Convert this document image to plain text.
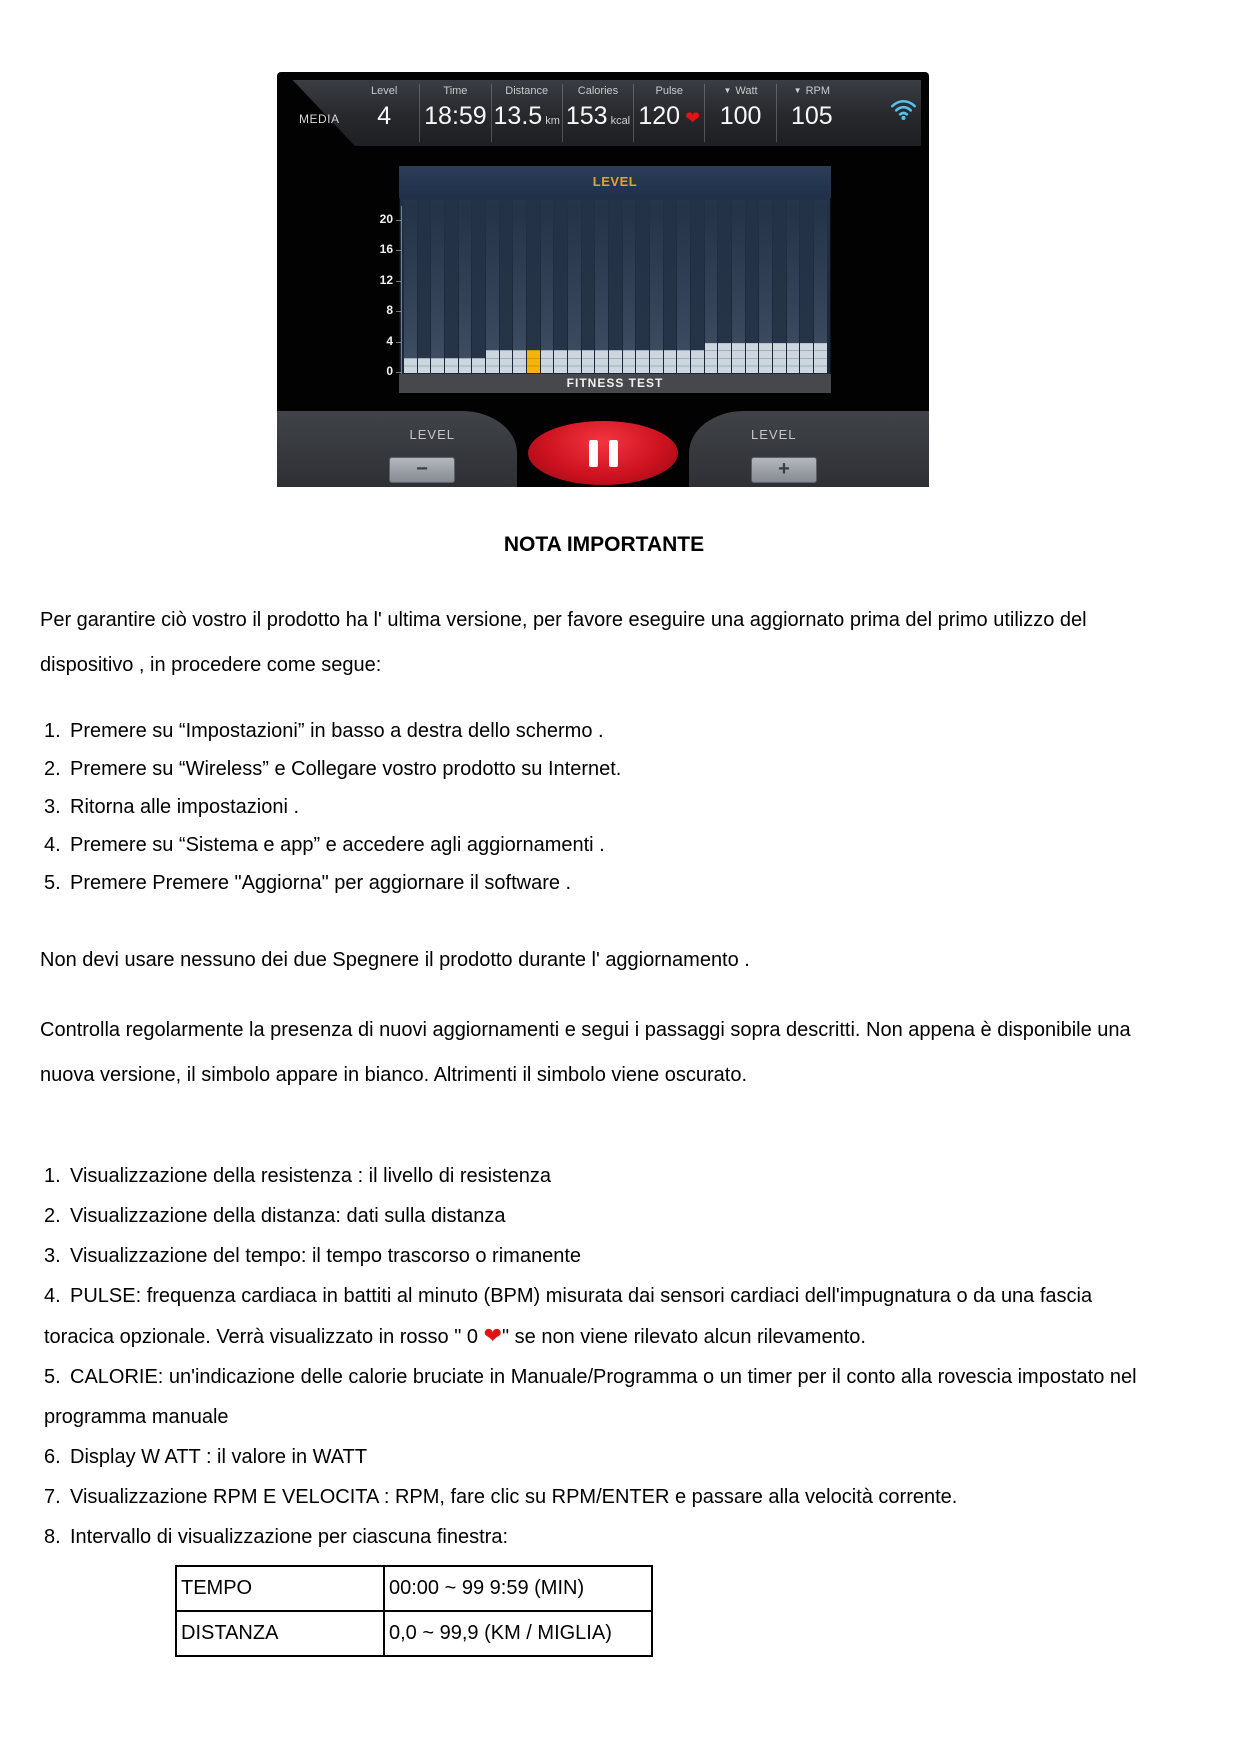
MEDIA
Level
4
Time
18:59
Distance
13.5 km
Calories
153 kcal
Pulse
120 ❤
▼ Watt
100
▼ RPM
105
LEVEL
20
16
12
8
4
0
FITNESS TEST
LEVEL
−
LEVEL
+
NOTA IMPORTANTE
Per garantire ciò vostro il prodotto ha l' ultima versione, per favore eseguire una aggiornato prima del primo utilizzo del dispositivo , in procedere come segue:
1. Premere su “Impostazioni” in basso a destra dello schermo .
2. Premere su “Wireless” e Collegare vostro prodotto su Internet.
3. Ritorna alle impostazioni .
4. Premere su “Sistema e app” e accedere agli aggiornamenti .
5. Premere Premere "Aggiorna" per aggiornare il software .
Non devi usare nessuno dei due Spegnere il prodotto durante l' aggiornamento .
Controlla regolarmente la presenza di nuovi aggiornamenti e segui i passaggi sopra descritti. Non appena è disponibile una nuova versione, il simbolo appare in bianco. Altrimenti il simbolo viene oscurato.
1. Visualizzazione della resistenza : il livello di resistenza
2. Visualizzazione della distanza: dati sulla distanza
3. Visualizzazione del tempo: il tempo trascorso o rimanente
4. PULSE: frequenza cardiaca in battiti al minuto (BPM) misurata dai sensori cardiaci dell'impugnatura o da una fascia toracica opzionale. Verrà visualizzato in rosso " 0 ❤" se non viene rilevato alcun rilevamento.
5. CALORIE: un'indicazione delle calorie bruciate in Manuale/Programma o un timer per il conto alla rovescia impostato nel programma manuale
6. Display W ATT : il valore in WATT
7. Visualizzazione RPM E VELOCITA : RPM, fare clic su RPM/ENTER e passare alla velocità corrente.
8. Intervallo di visualizzazione per ciascuna finestra:
TEMPO	00:00 ~ 99 9:59 (MIN)
DISTANZA	0,0 ~ 99,9 (KM / MIGLIA)
